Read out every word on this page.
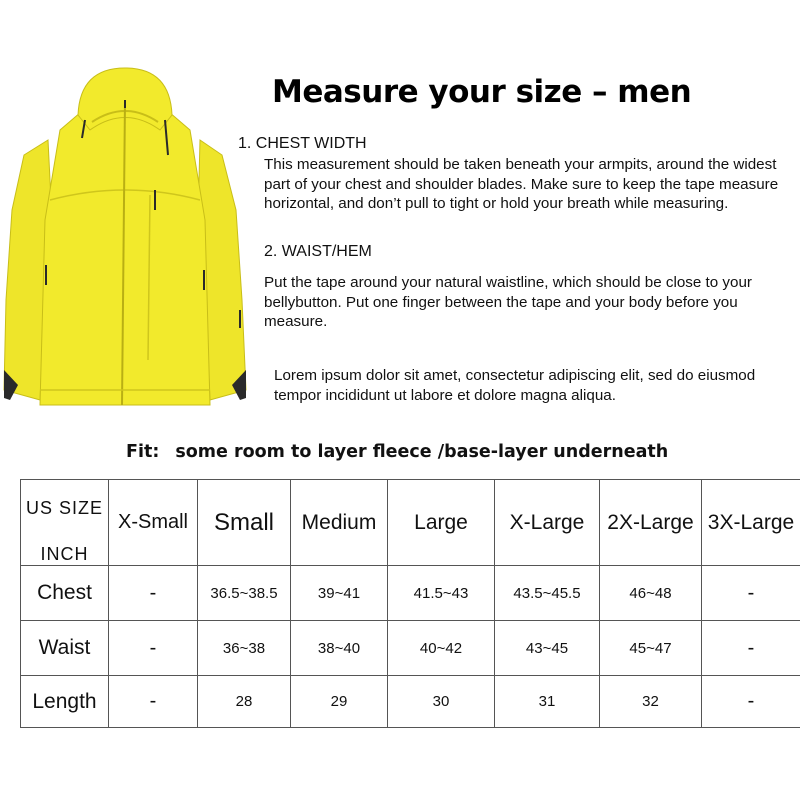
Measure your size – men
1. CHEST WIDTH
This measurement should be taken beneath your armpits, around the widest part of your chest and shoulder blades. Make sure to keep the tape measure horizontal, and don’t pull to tight or hold your breath while measuring.
2. WAIST/HEM
Put the tape around your natural waistline, which should be close to your bellybutton. Put one finger between the tape and your body before you measure.
Lorem ipsum dolor sit amet, consectetur adipiscing elit, sed do eiusmod tempor incididunt ut labore et dolore magna aliqua.
Fit: some room to layer fleece /base-layer underneath
US SIZE
INCH	X-Small	Small	Medium	Large	X-Large	2X-Large	3X-Large
Chest	-	36.5~38.5	39~41	41.5~43	43.5~45.5	46~48	-
Waist	-	36~38	38~40	40~42	43~45	45~47	-
Length	-	28	29	30	31	32	-
